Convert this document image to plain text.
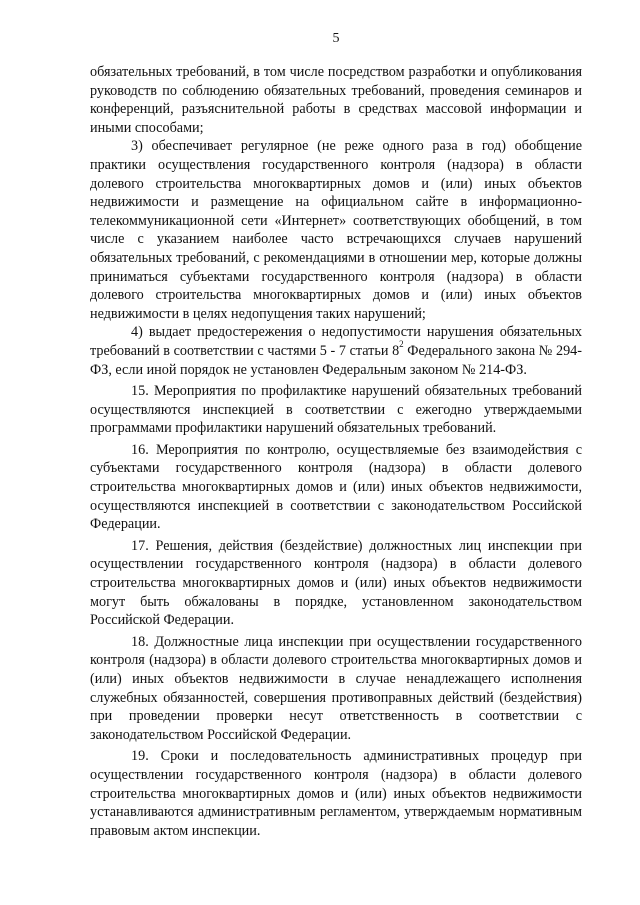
5

обязательных требований, в том числе посредством разработки и опубликования руководств по соблюдению обязательных требований, проведения семинаров и конференций, разъяснительной работы в средствах массовой информации и иными способами;

3) обеспечивает регулярное (не реже одного раза в год) обобщение практики осуществления государственного контроля (надзора) в области долевого строительства многоквартирных домов и (или) иных объектов недвижимости и размещение на официальном сайте в информационно-телекоммуникационной сети «Интернет» соответствующих обобщений, в том числе с указанием наиболее часто встречающихся случаев нарушений обязательных требований, с рекомендациями в отношении мер, которые должны приниматься субъектами государственного контроля (надзора) в области долевого строительства многоквартирных домов и (или) иных объектов недвижимости в целях недопущения таких нарушений;

4) выдает предостережения о недопустимости нарушения обязательных требований в соответствии с частями 5 - 7 статьи $8^2$ Федерального закона № 294-ФЗ, если иной порядок не установлен Федеральным законом № 214-ФЗ.

15. Мероприятия по профилактике нарушений обязательных требований осуществляются инспекцией в соответствии с ежегодно утверждаемыми программами профилактики нарушений обязательных требований.

16. Мероприятия по контролю, осуществляемые без взаимодействия с субъектами государственного контроля (надзора) в области долевого строительства многоквартирных домов и (или) иных объектов недвижимости, осуществляются инспекцией в соответствии с законодательством Российской Федерации.

17. Решения, действия (бездействие) должностных лиц инспекции при осуществлении государственного контроля (надзора) в области долевого строительства многоквартирных домов и (или) иных объектов недвижимости могут быть обжалованы в порядке, установленном законодательством Российской Федерации.

18. Должностные лица инспекции при осуществлении государственного контроля (надзора) в области долевого строительства многоквартирных домов и (или) иных объектов недвижимости в случае ненадлежащего исполнения служебных обязанностей, совершения противоправных действий (бездействия) при проведении проверки несут ответственность в соответствии с законодательством Российской Федерации.

19. Сроки и последовательность административных процедур при осуществлении государственного контроля (надзора) в области долевого строительства многоквартирных домов и (или) иных объектов недвижимости устанавливаются административным регламентом, утверждаемым нормативным правовым актом инспекции.
